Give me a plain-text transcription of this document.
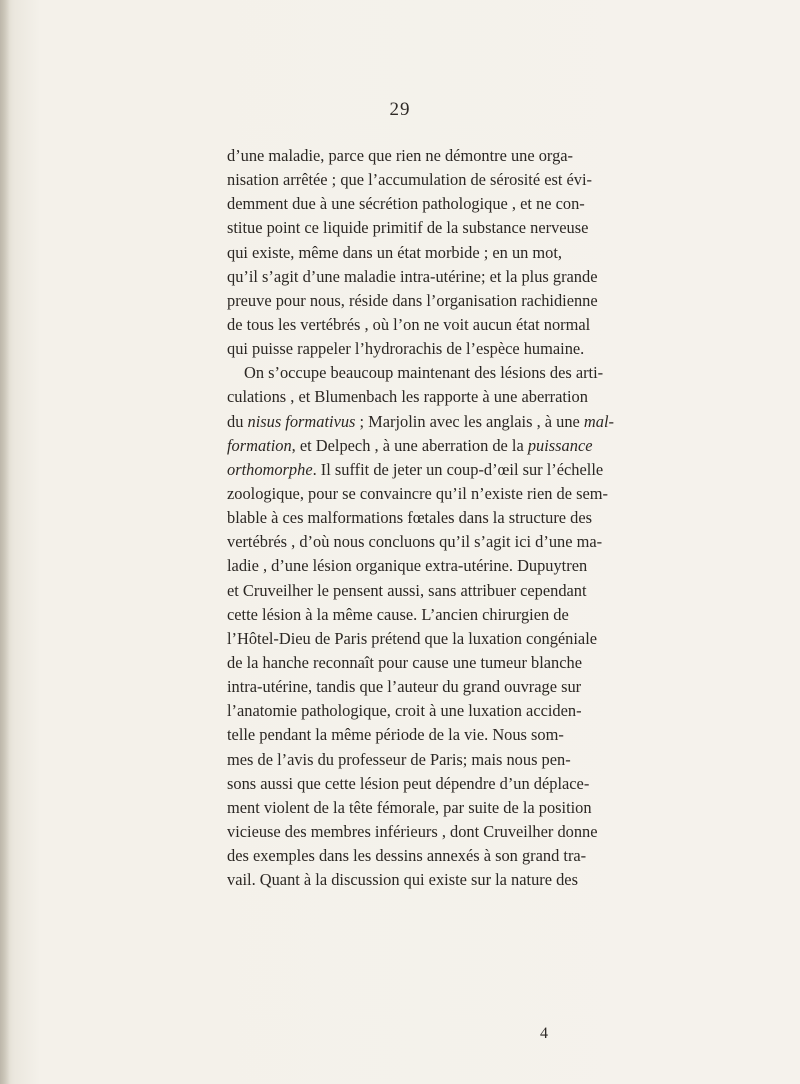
29
d’une maladie, parce que rien ne démontre une orga-
nisation arrêtée ; que l’accumulation de sérosité est évi-
demment due à une sécrétion pathologique , et ne con-
stitue point ce liquide primitif de la substance nerveuse
qui existe, même dans un état morbide ; en un mot,
qu’il s’agit d’une maladie intra-utérine; et la plus grande
preuve pour nous, réside dans l’organisation rachidienne
de tous les vertébrés , où l’on ne voit aucun état normal
qui puisse rappeler l’hydrorachis de l’espèce humaine.
On s’occupe beaucoup maintenant des lésions des arti-
culations , et Blumenbach les rapporte à une aberration
du nisus formativus ; Marjolin avec les anglais , à une mal-
formation, et Delpech , à une aberration de la puissance
orthomorphe. Il suffit de jeter un coup-d’œil sur l’échelle
zoologique, pour se convaincre qu’il n’existe rien de sem-
blable à ces malformations fœtales dans la structure des
vertébrés , d’où nous concluons qu’il s’agit ici d’une ma-
ladie , d’une lésion organique extra-utérine. Dupuytren
et Cruveilher le pensent aussi, sans attribuer cependant
cette lésion à la même cause. L’ancien chirurgien de
l’Hôtel-Dieu de Paris prétend que la luxation congéniale
de la hanche reconnaît pour cause une tumeur blanche
intra-utérine, tandis que l’auteur du grand ouvrage sur
l’anatomie pathologique, croit à une luxation acciden-
telle pendant la même période de la vie. Nous som-
mes de l’avis du professeur de Paris; mais nous pen-
sons aussi que cette lésion peut dépendre d’un déplace-
ment violent de la tête fémorale, par suite de la position
vicieuse des membres inférieurs , dont Cruveilher donne
des exemples dans les dessins annexés à son grand tra-
vail. Quant à la discussion qui existe sur la nature des
4
